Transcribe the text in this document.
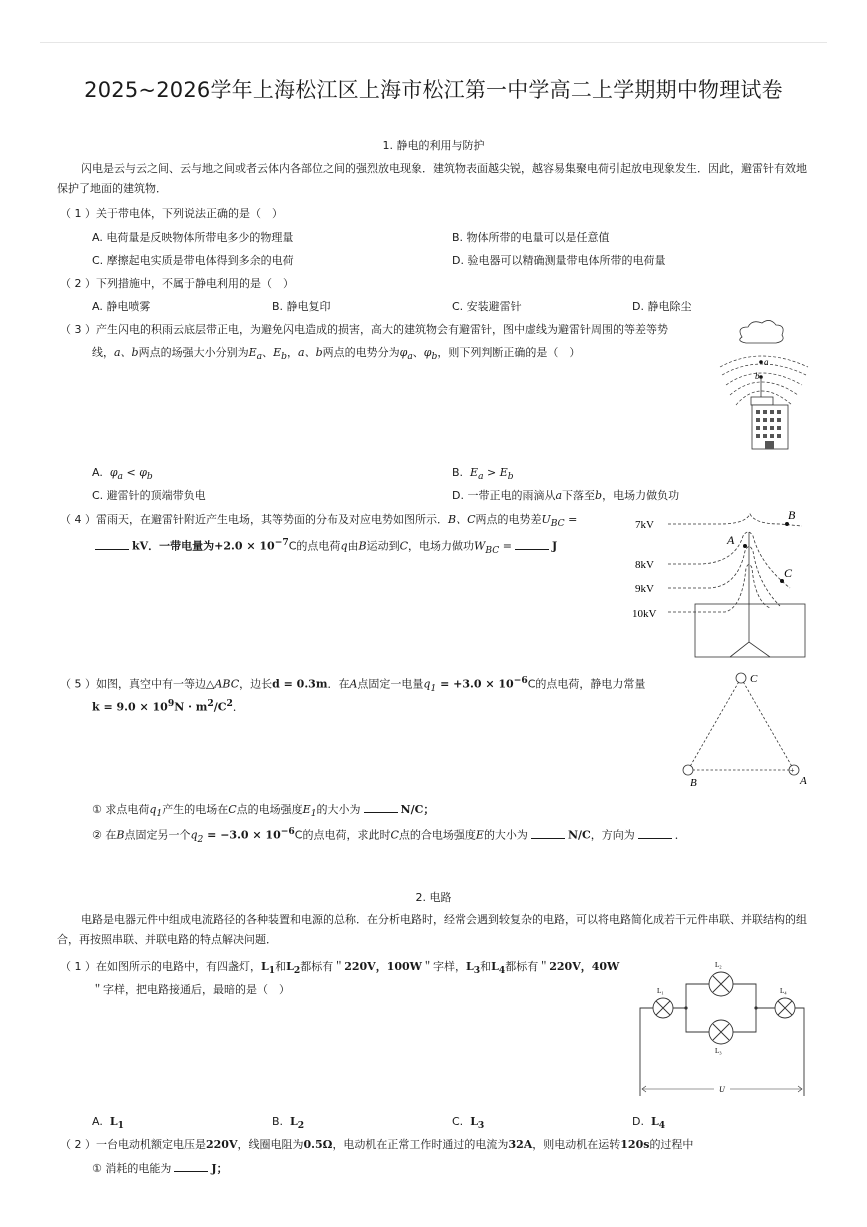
2025~2026学年上海松江区上海市松江第一中学高二上学期期中物理试卷
1. 静电的利用与防护
闪电是云与云之间、云与地之间或者云体内各部位之间的强烈放电现象．建筑物表面越尖锐，越容易集聚电荷引起放电现象发生．因此，避雷针有效地保护了地面的建筑物．
（ 1 ）关于带电体，下列说法正确的是（　）
A. 电荷量是反映物体所带电多少的物理量	B. 物体所带的电量可以是任意值
C. 摩擦起电实质是带电体得到多余的电荷	D. 验电器可以精确测量带电体所带的电荷量
（ 2 ）下列措施中，不属于静电利用的是（　）
A. 静电喷雾	B. 静电复印	C. 安装避雷针	D. 静电除尘
（ 3 ）产生闪电的积雨云底层带正电，为避免闪电造成的损害，高大的建筑物会有避雷针，图中虚线为避雷针周围的等差等势
线，a、b两点的场强大小分别为$E_a$、$E_b$，a、b两点的电势分为$\varphi_a$、$\varphi_b$，则下列判断正确的是（　）
a
b
A. $\varphi_a < \varphi_b$	B. $E_a > E_b$
C. 避雷针的顶端带负电	D. 一带正电的雨滴从a下落至b，电场力做负功
（ 4 ）雷雨天，在避雷针附近产生电场，其等势面的分布及对应电势如图所示．B、C两点的电势差$U_{BC}$ =
kV．一带电量为$+2.0 \times 10^{-7}C$的点电荷q由B运动到C，电场力做功$W_{BC}$ =	J
7kV
8kV
9kV
10kV
A
B
C
（ 5 ）如图，真空中有一等边△ABC，边长d = 0.3m．在A点固定一电量$q_1 = +3.0 \times 10^{-6}C$的点电荷，静电力常量
$k = 9.0 \times 10^9N \cdot m^2/C^2$．
+
C
B	A
① 求点电荷$q_1$产生的电场在C点的电场强度$E_1$的大小为	N/C；
② 在B点固定另一个$q_2 = -3.0 \times 10^{-6}C$的点电荷，求此时C点的合电场强度E的大小为	N/C，方向为	．
2. 电路
电路是电器元件中组成电流路径的各种装置和电源的总称．在分析电路时，经常会遇到较复杂的电路，可以将电路简化成若干元件串联、并联结构的组合，再按照串联、并联电路的特点解决问题．
（ 1 ）在如图所示的电路中，有四盏灯，$L_1$和$L_2$都标有＂220V，100W＂字样，$L_3$和$L_4$都标有＂220V，40W
＂字样，把电路接通后，最暗的是（　）	L₁
L₂
L₃
L₄
U
A. $L_1$	B. $L_2$	C. $L_3$	D. $L_4$
（ 2 ）一台电动机额定电压是220V，线圈电阻为0.5Ω，电动机在正常工作时通过的电流为32A，则电动机在运转120s的过程中
① 消耗的电能为	J；
